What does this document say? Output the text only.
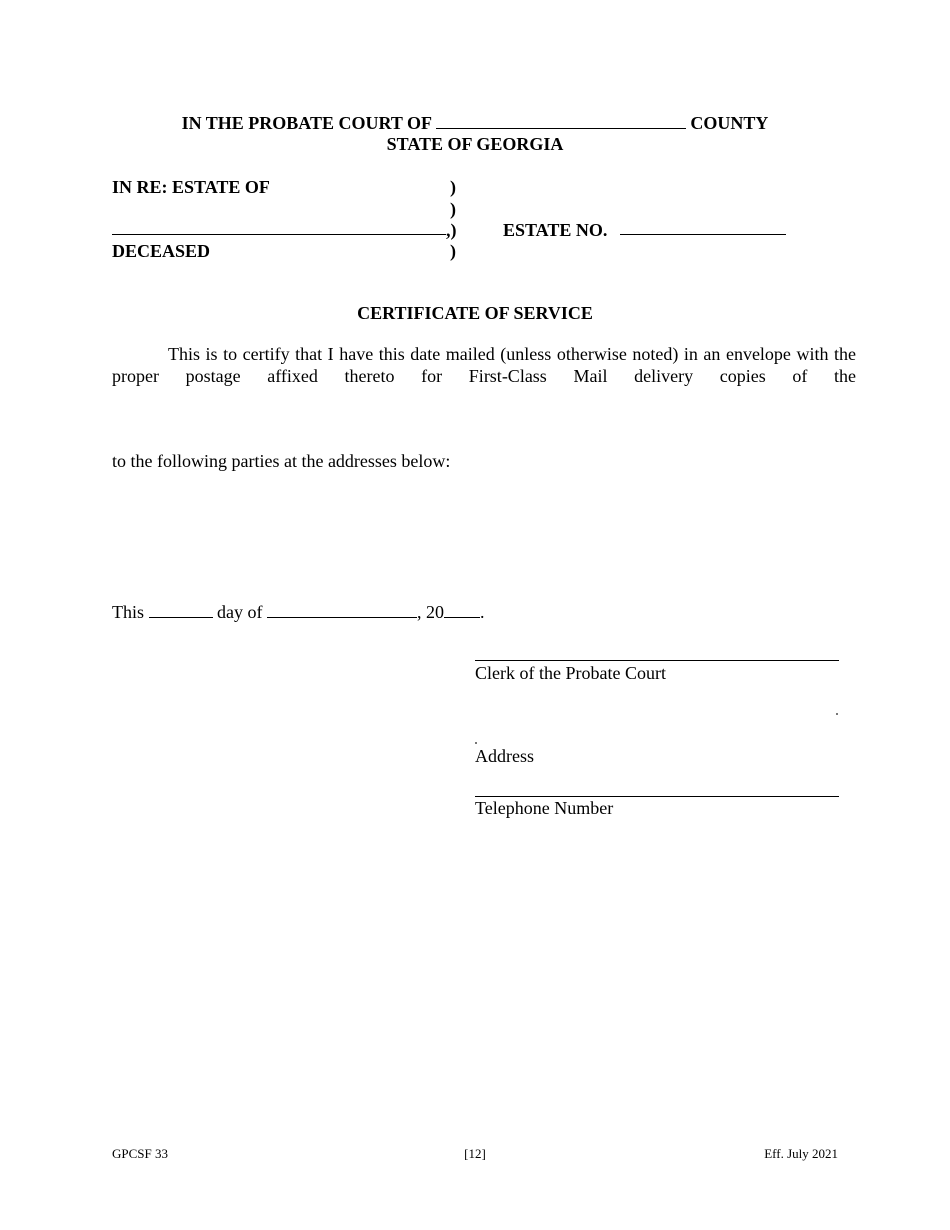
IN THE PROBATE COURT OF	COUNTY
STATE OF GEORGIA
IN RE: ESTATE OF	)
)
,)	ESTATE NO.
DECEASED	)
CERTIFICATE OF SERVICE
This is to certify that I have this date mailed (unless otherwise noted) in an envelope with the proper postage affixed thereto for First-Class Mail delivery copies of the
to the following parties at the addresses below:
This	day of	, 20 .
Clerk of the Probate Court
Address
Telephone Number
GPCSF 33	[12]	Eff. July 2021
